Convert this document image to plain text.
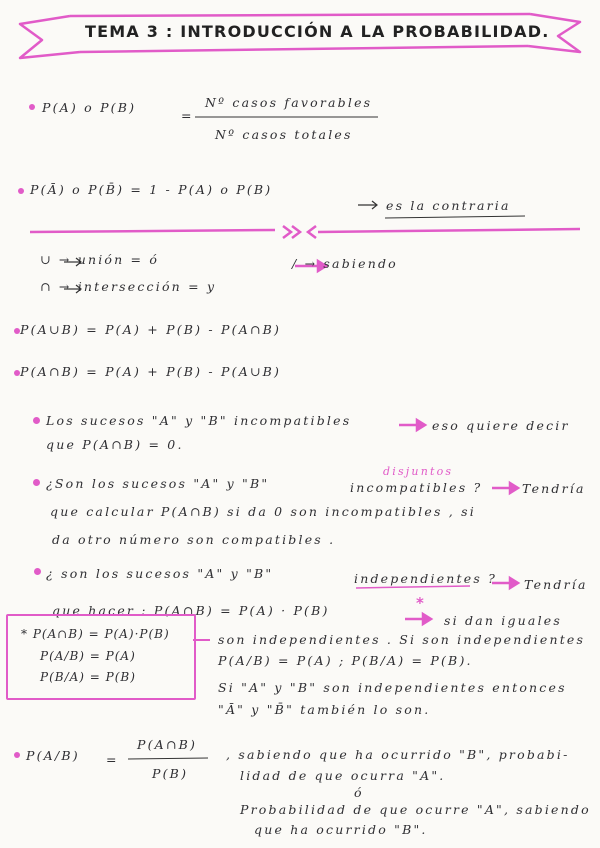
TEMA 3 : INTRODUCCIÓN A LA PROBABILIDAD.
P(A) o P(B)
=
Nº casos favorables
Nº casos totales
P(Ā) o P(B̄) = 1 - P(A) o P(B)
es la contraria
∪ → unión = ó
∩ → intersección = y
/ → sabiendo
P(A∪B) = P(A) + P(B) - P(A∩B)
P(A∩B) = P(A) + P(B) - P(A∪B)
Los sucesos "A" y "B" incompatibles	eso quiere decir
que P(A∩B) = 0.
disjuntos
¿Son los sucesos "A" y "B"	incompatibles ?	Tendría
que calcular P(A∩B) si da 0 son incompatibles , si
da otro número son compatibles .
¿ son los sucesos "A" y "B"	independientes ? Tendría
*
que hacer : P(A∩B) = P(A) · P(B)
si dan iguales
son independientes . Si son independientes
P(A/B) = P(A) ; P(B/A) = P(B).
Si "A" y "B" son independientes entonces
"Ā" y "B̄" también lo son.
* P(A∩B) = P(A)·P(B)
P(A/B) = P(A)
P(B/A) = P(B)
P(A/B) =
P(A∩B)
P(B)
, sabiendo que ha ocurrido "B", probabi-
lidad de que ocurra "A".
ó
Probabilidad de que ocurre "A", sabiendo
que ha ocurrido "B".
